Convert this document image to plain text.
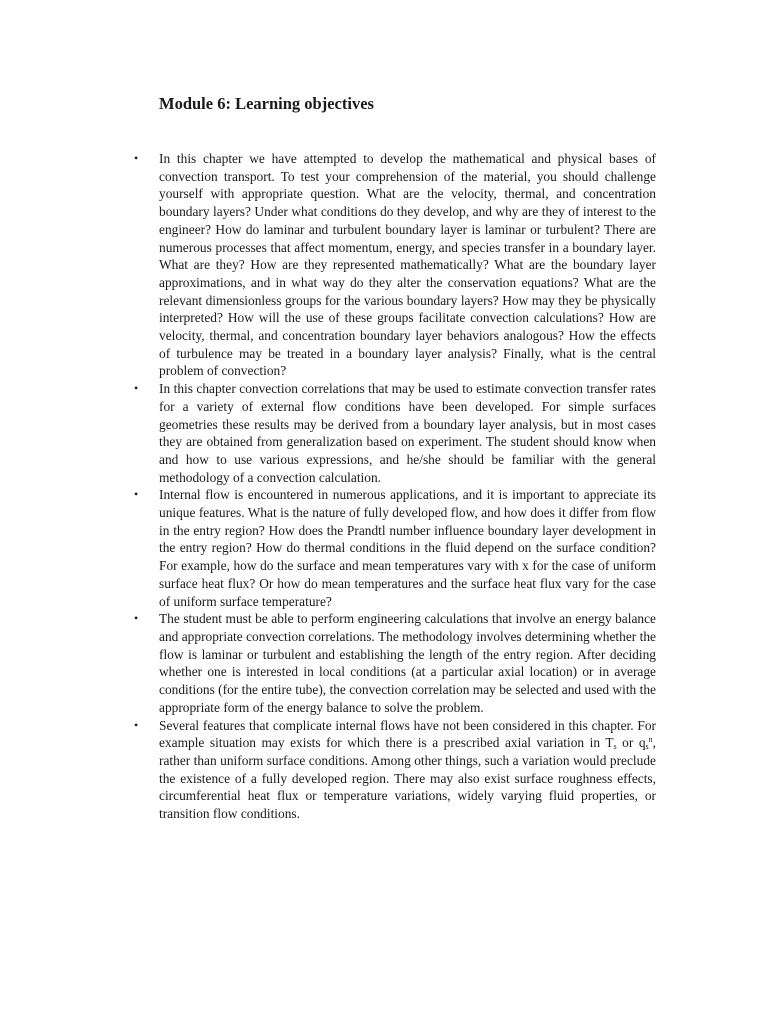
Module 6: Learning objectives
• In this chapter we have attempted to develop the mathematical and physical bases of convection transport. To test your comprehension of the material, you should challenge yourself with appropriate question. What are the velocity, thermal, and concentration boundary layers? Under what conditions do they develop, and why are they of interest to the engineer? How do laminar and turbulent boundary layer is laminar or turbulent? There are numerous processes that affect momentum, energy, and species transfer in a boundary layer. What are they? How are they represented mathematically? What are the boundary layer approximations, and in what way do they alter the conservation equations? What are the relevant dimensionless groups for the various boundary layers? How may they be physically interpreted? How will the use of these groups facilitate convection calculations? How are velocity, thermal, and concentration boundary layer behaviors analogous? How the effects of turbulence may be treated in a boundary layer analysis? Finally, what is the central problem of convection?
• In this chapter convection correlations that may be used to estimate convection transfer rates for a variety of external flow conditions have been developed. For simple surfaces geometries these results may be derived from a boundary layer analysis, but in most cases they are obtained from generalization based on experiment. The student should know when and how to use various expressions, and he/she should be familiar with the general methodology of a convection calculation.
• Internal flow is encountered in numerous applications, and it is important to appreciate its unique features. What is the nature of fully developed flow, and how does it differ from flow in the entry region? How does the Prandtl number influence boundary layer development in the entry region? How do thermal conditions in the fluid depend on the surface condition? For example, how do the surface and mean temperatures vary with x for the case of uniform surface heat flux? Or how do mean temperatures and the surface heat flux vary for the case of uniform surface temperature?
• The student must be able to perform engineering calculations that involve an energy balance and appropriate convection correlations. The methodology involves determining whether the flow is laminar or turbulent and establishing the length of the entry region. After deciding whether one is interested in local conditions (at a particular axial location) or in average conditions (for the entire tube), the convection correlation may be selected and used with the appropriate form of the energy balance to solve the problem.
• Several features that complicate internal flows have not been considered in this chapter. For example situation may exists for which there is a prescribed axial variation in $T_s$ or $q_s^n$, rather than uniform surface conditions. Among other things, such a variation would preclude the existence of a fully developed region. There may also exist surface roughness effects, circumferential heat flux or temperature variations, widely varying fluid properties, or transition flow conditions.
